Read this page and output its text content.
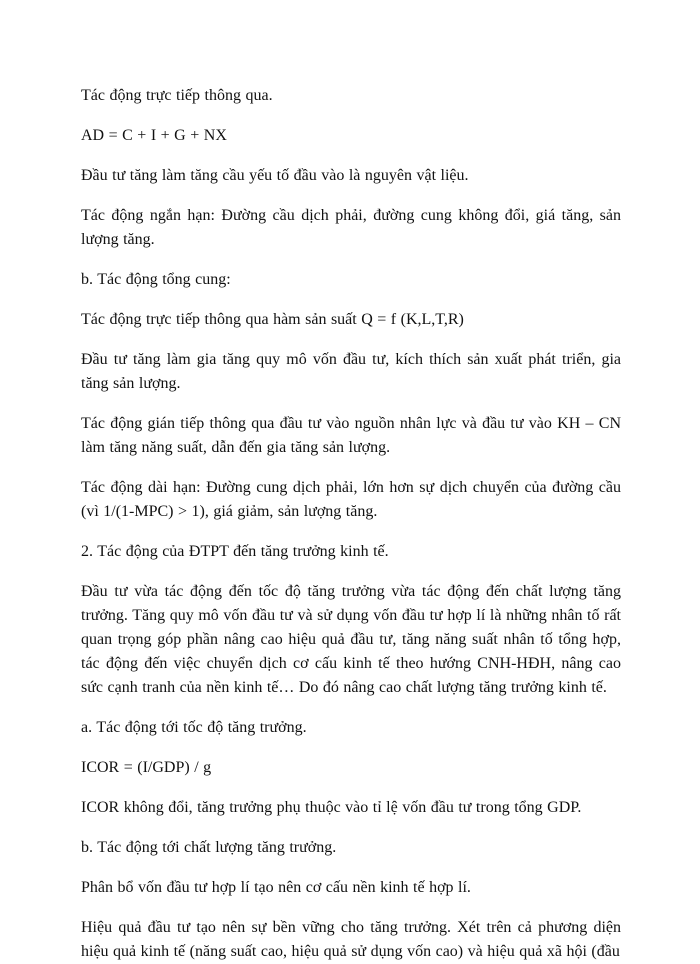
Tác động trực tiếp thông qua.

AD = C + I + G + NX

Đầu tư tăng làm tăng cầu yếu tố đầu vào là nguyên vật liệu.

Tác động ngắn hạn: Đường cầu dịch phải, đường cung không đổi, giá tăng, sản lượng tăng.

b. Tác động tổng cung:

Tác động trực tiếp thông qua hàm sản suất Q = f (K,L,T,R)

Đầu tư tăng làm gia tăng quy mô vốn đầu tư, kích thích sản xuất phát triển, gia tăng sản lượng.

Tác động gián tiếp thông qua đầu tư vào nguồn nhân lực và đầu tư vào KH – CN làm tăng năng suất, dẫn đến gia tăng sản lượng.

Tác động dài hạn: Đường cung dịch phải, lớn hơn sự dịch chuyển của đường cầu (vì 1/(1-MPC) > 1), giá giảm, sản lượng tăng.

2. Tác động của ĐTPT đến tăng trưởng kinh tế.

Đầu tư vừa tác động đến tốc độ tăng trưởng vừa tác động đến chất lượng tăng trưởng. Tăng quy mô vốn đầu tư và sử dụng vốn đầu tư hợp lí là những nhân tố rất quan trọng góp phần nâng cao hiệu quả đầu tư, tăng năng suất nhân tố tổng hợp, tác động đến việc chuyển dịch cơ cấu kinh tế theo hướng CNH-HĐH, nâng cao sức cạnh tranh của nền kinh tế… Do đó nâng cao chất lượng tăng trưởng kinh tế.

a. Tác động tới tốc độ tăng trưởng.

ICOR = (I/GDP) / g

ICOR không đổi, tăng trưởng phụ thuộc vào tỉ lệ vốn đầu tư trong tổng GDP.

b. Tác động tới chất lượng tăng trưởng.

Phân bổ vốn đầu tư hợp lí tạo nên cơ cấu nền kinh tế hợp lí.

Hiệu quả đầu tư tạo nên sự bền vững cho tăng trưởng. Xét trên cả phương diện hiệu quả kinh tế (năng suất cao, hiệu quả sử dụng vốn cao) và hiệu quả xã hội (đầu
